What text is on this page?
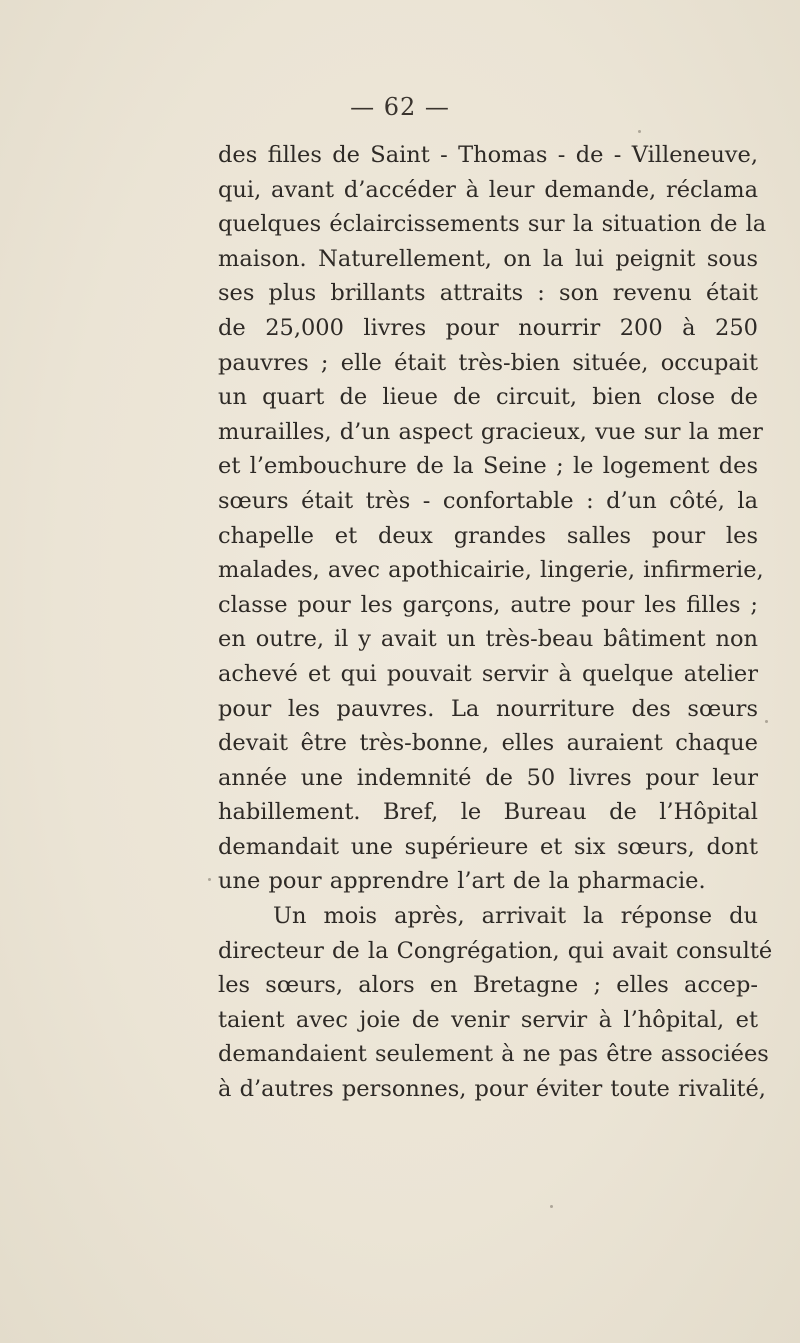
— 62 —
des filles de Saint - Thomas - de - Villeneuve,
qui, avant d’accéder à leur demande, réclama
quelques éclaircissements sur la situation de la
maison. Naturellement, on la lui peignit sous
ses plus brillants attraits : son revenu était
de 25,000 livres pour nourrir 200 à 250
pauvres ; elle était très-bien située, occupait
un quart de lieue de circuit, bien close de
murailles, d’un aspect gracieux, vue sur la mer
et l’embouchure de la Seine ; le logement des
sœurs était très - confortable : d’un côté, la
chapelle et deux grandes salles pour les
malades, avec apothicairie, lingerie, infirmerie,
classe pour les garçons, autre pour les filles ;
en outre, il y avait un très-beau bâtiment non
achevé et qui pouvait servir à quelque atelier
pour les pauvres. La nourriture des sœurs
devait être très-bonne, elles auraient chaque
année une indemnité de 50 livres pour leur
habillement. Bref, le Bureau de l’Hôpital
demandait une supérieure et six sœurs, dont
une pour apprendre l’art de la pharmacie.
Un mois après, arrivait la réponse du
directeur de la Congrégation, qui avait consulté
les sœurs, alors en Bretagne ; elles accep-
taient avec joie de venir servir à l’hôpital, et
demandaient seulement à ne pas être associées
à d’autres personnes, pour éviter toute rivalité,
